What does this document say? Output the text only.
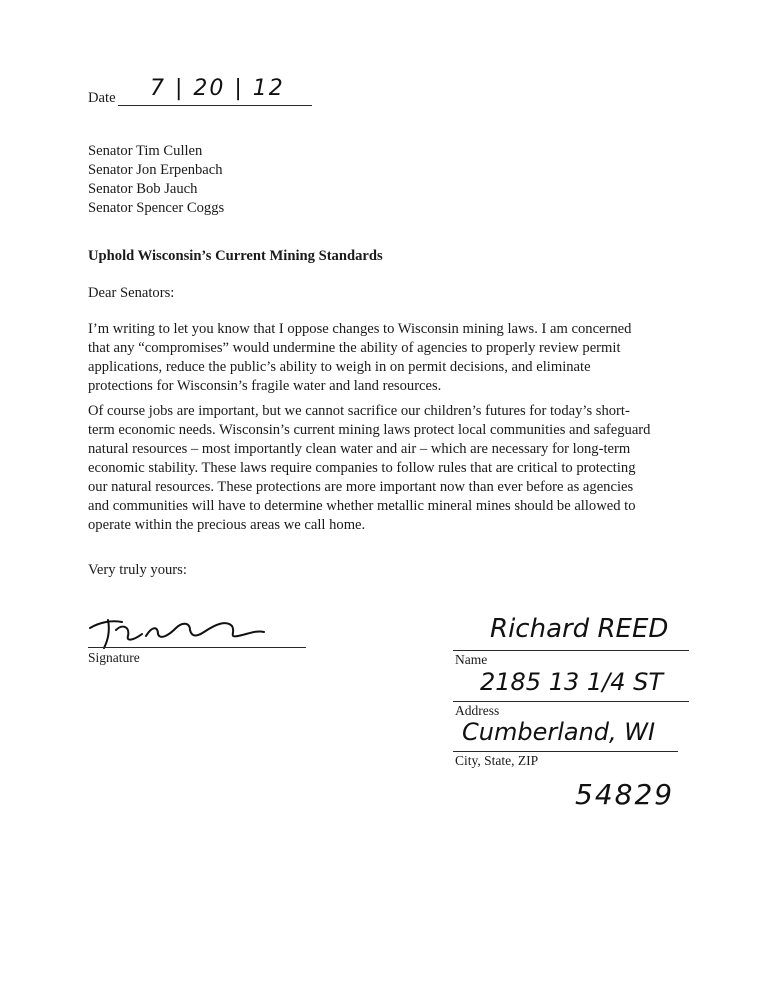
Date 7 | 20 | 12
Senator Tim Cullen
Senator Jon Erpenbach
Senator Bob Jauch
Senator Spencer Coggs
Uphold Wisconsin’s Current Mining Standards
Dear Senators:

I’m writing to let you know that I oppose changes to Wisconsin mining laws. I am concerned

that any “compromises” would undermine the ability of agencies to properly review permit

applications, reduce the public’s ability to weigh in on permit decisions, and eliminate

protections for Wisconsin’s fragile water and land resources.

Of course jobs are important, but we cannot sacrifice our children’s futures for today’s short-

term economic needs. Wisconsin’s current mining laws protect local communities and safeguard

natural resources – most importantly clean water and air – which are necessary for long-term

economic stability. These laws require companies to follow rules that are critical to protecting

our natural resources. These protections are more important now than ever before as agencies

and communities will have to determine whether metallic mineral mines should be allowed to

operate within the precious areas we call home.

Very truly yours:
Signature
Richard REED
Name
2185 13 1/4 ST
Address
Cumberland, WI
City, State, ZIP
54829
